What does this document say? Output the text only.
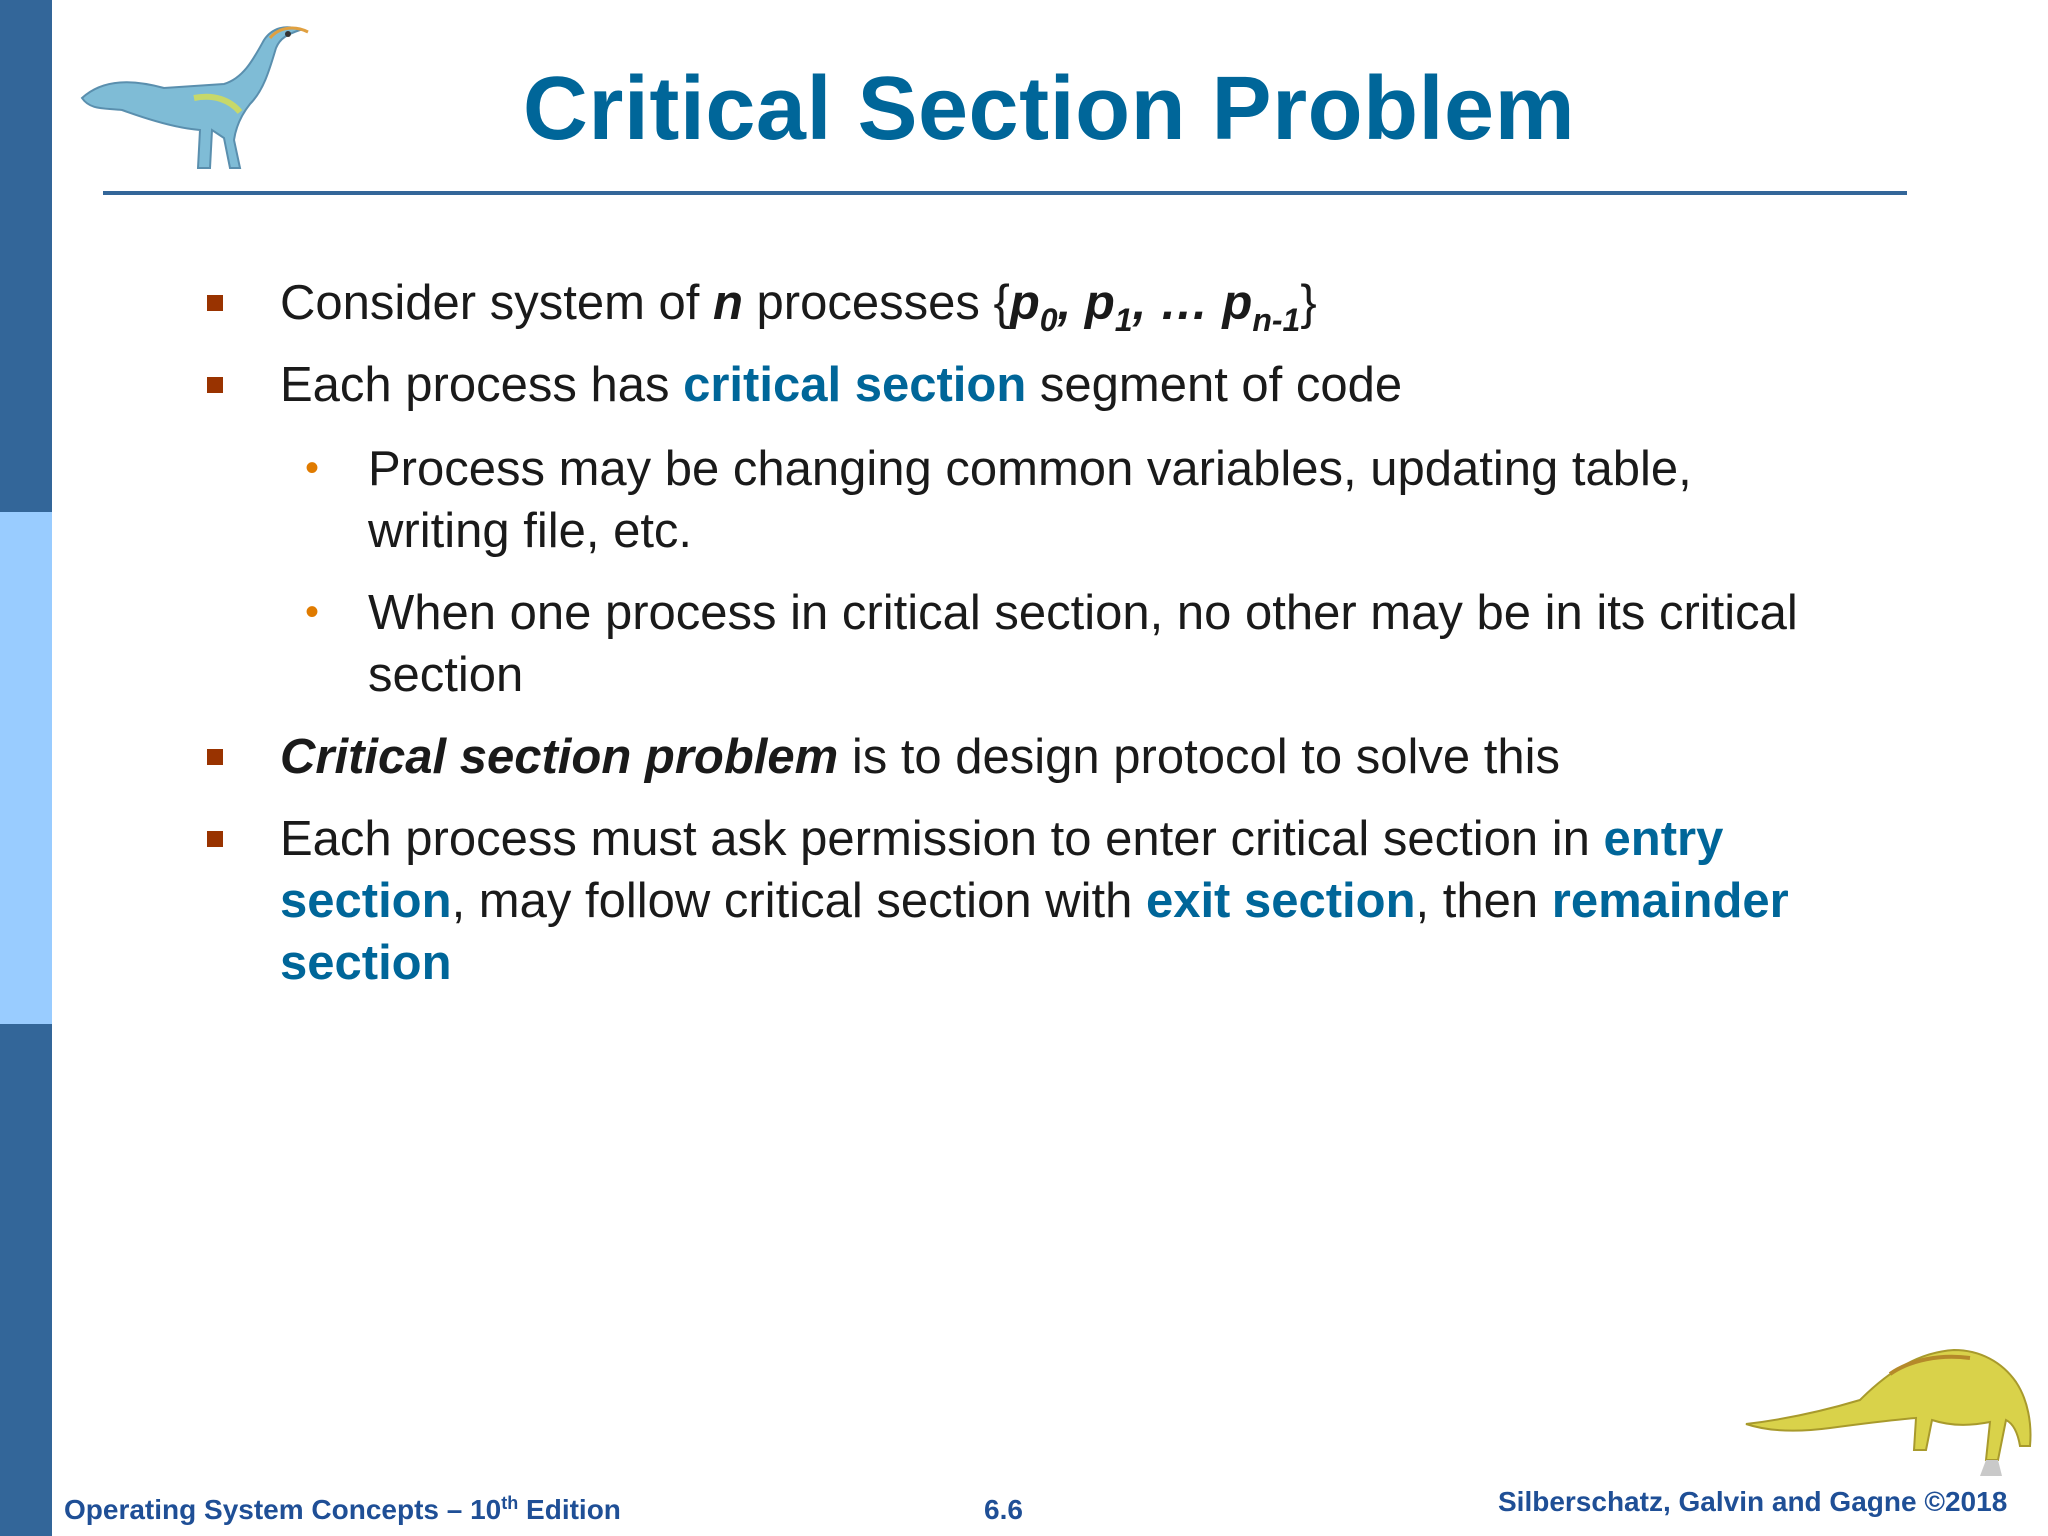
Critical Section Problem
Consider system of n processes {$p_0$, $p_1$, … $p_{n-1}$}
Each process has critical section segment of code
• Process may be changing common variables, updating table, writing file, etc.
• When one process in critical section, no other may be in its critical section
Critical section problem is to design protocol to solve this
Each process must ask permission to enter critical section in entry section, may follow critical section with exit section, then remainder section
Operating System Concepts – 10th Edition	6.6	Silberschatz, Galvin and Gagne ©2018
